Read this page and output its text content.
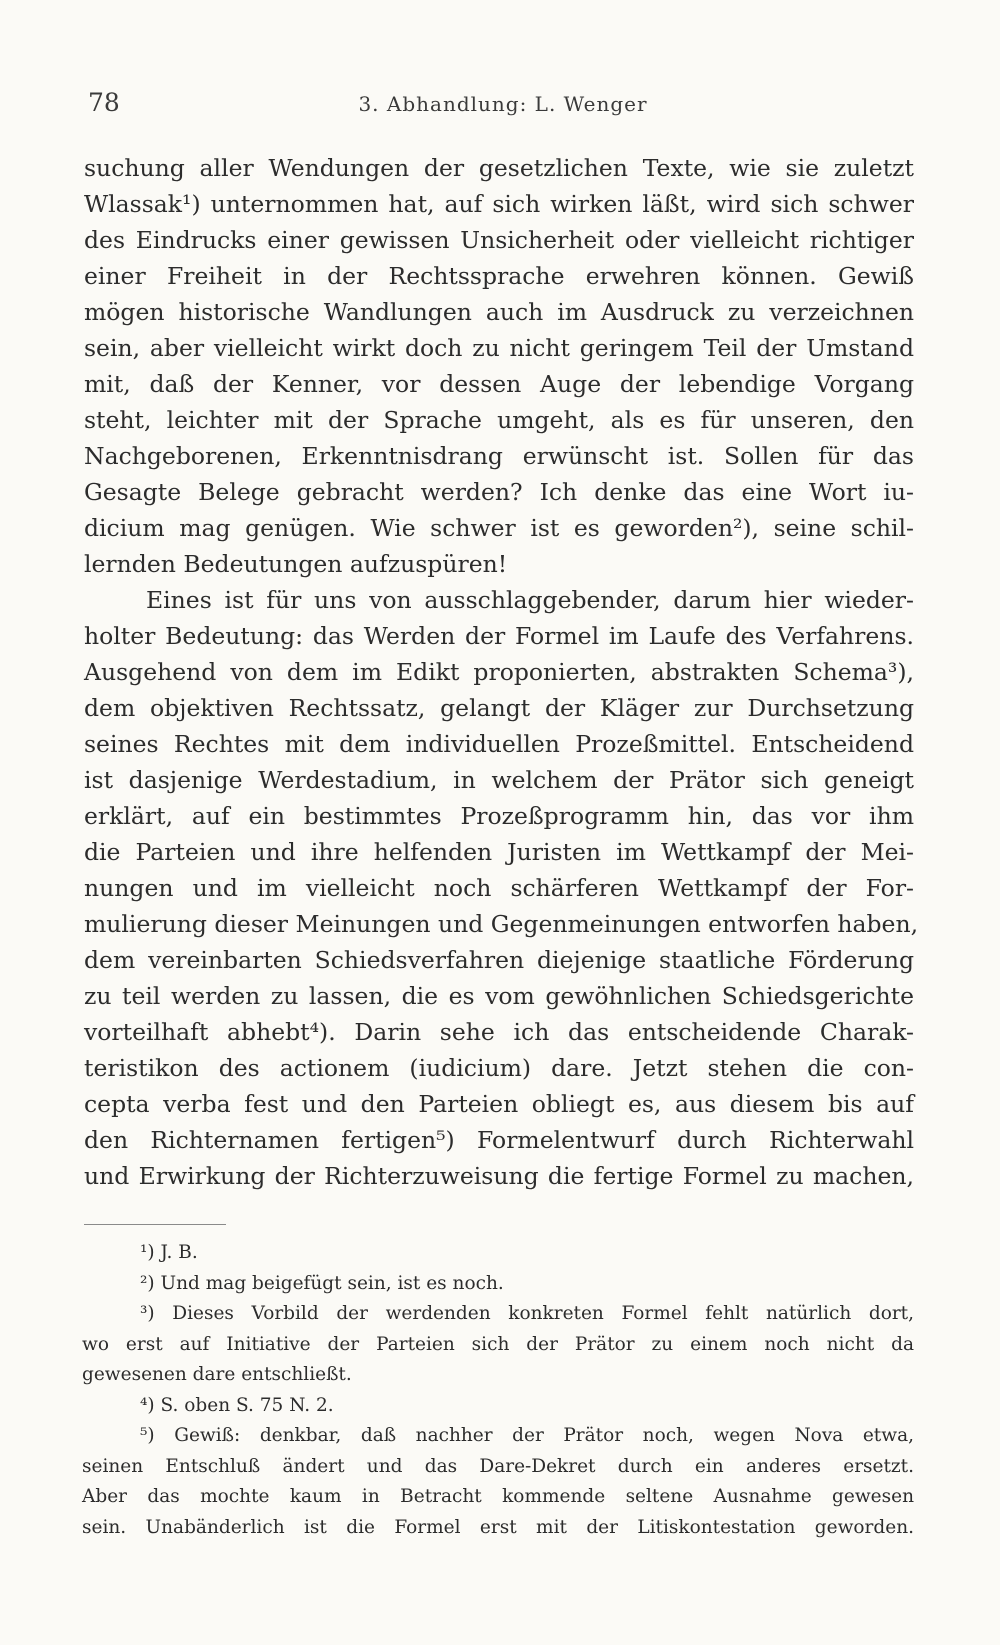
78	3. Abhandlung: L. Wenger
suchung aller Wendungen der gesetzlichen Texte, wie sie zuletzt
Wlassak¹) unternommen hat, auf sich wirken läßt, wird sich schwer
des Eindrucks einer gewissen Unsicherheit oder vielleicht richtiger
einer Freiheit in der Rechtssprache erwehren können. Gewiß
mögen historische Wandlungen auch im Ausdruck zu verzeichnen
sein, aber vielleicht wirkt doch zu nicht geringem Teil der Umstand
mit, daß der Kenner, vor dessen Auge der lebendige Vorgang
steht, leichter mit der Sprache umgeht, als es für unseren, den
Nachgeborenen, Erkenntnisdrang erwünscht ist. Sollen für das
Gesagte Belege gebracht werden? Ich denke das eine Wort iu-
dicium mag genügen. Wie schwer ist es geworden²), seine schil-
lernden Bedeutungen aufzuspüren!
Eines ist für uns von ausschlaggebender, darum hier wieder-
holter Bedeutung: das Werden der Formel im Laufe des Verfahrens.
Ausgehend von dem im Edikt proponierten, abstrakten Schema³),
dem objektiven Rechtssatz, gelangt der Kläger zur Durchsetzung
seines Rechtes mit dem individuellen Prozeßmittel. Entscheidend
ist dasjenige Werdestadium, in welchem der Prätor sich geneigt
erklärt, auf ein bestimmtes Prozeßprogramm hin, das vor ihm
die Parteien und ihre helfenden Juristen im Wettkampf der Mei-
nungen und im vielleicht noch schärferen Wettkampf der For-
mulierung dieser Meinungen und Gegenmeinungen entworfen haben,
dem vereinbarten Schiedsverfahren diejenige staatliche Förderung
zu teil werden zu lassen, die es vom gewöhnlichen Schiedsgerichte
vorteilhaft abhebt⁴). Darin sehe ich das entscheidende Charak-
teristikon des actionem (iudicium) dare. Jetzt stehen die con-
cepta verba fest und den Parteien obliegt es, aus diesem bis auf
den Richternamen fertigen⁵) Formelentwurf durch Richterwahl
und Erwirkung der Richterzuweisung die fertige Formel zu machen,
¹) J. B.
²) Und mag beigefügt sein, ist es noch.
³) Dieses Vorbild der werdenden konkreten Formel fehlt natürlich dort,
wo erst auf Initiative der Parteien sich der Prätor zu einem noch nicht da
gewesenen dare entschließt.
⁴) S. oben S. 75 N. 2.
⁵) Gewiß: denkbar, daß nachher der Prätor noch, wegen Nova etwa,
seinen Entschluß ändert und das Dare-Dekret durch ein anderes ersetzt.
Aber das mochte kaum in Betracht kommende seltene Ausnahme gewesen
sein. Unabänderlich ist die Formel erst mit der Litiskontestation geworden.
